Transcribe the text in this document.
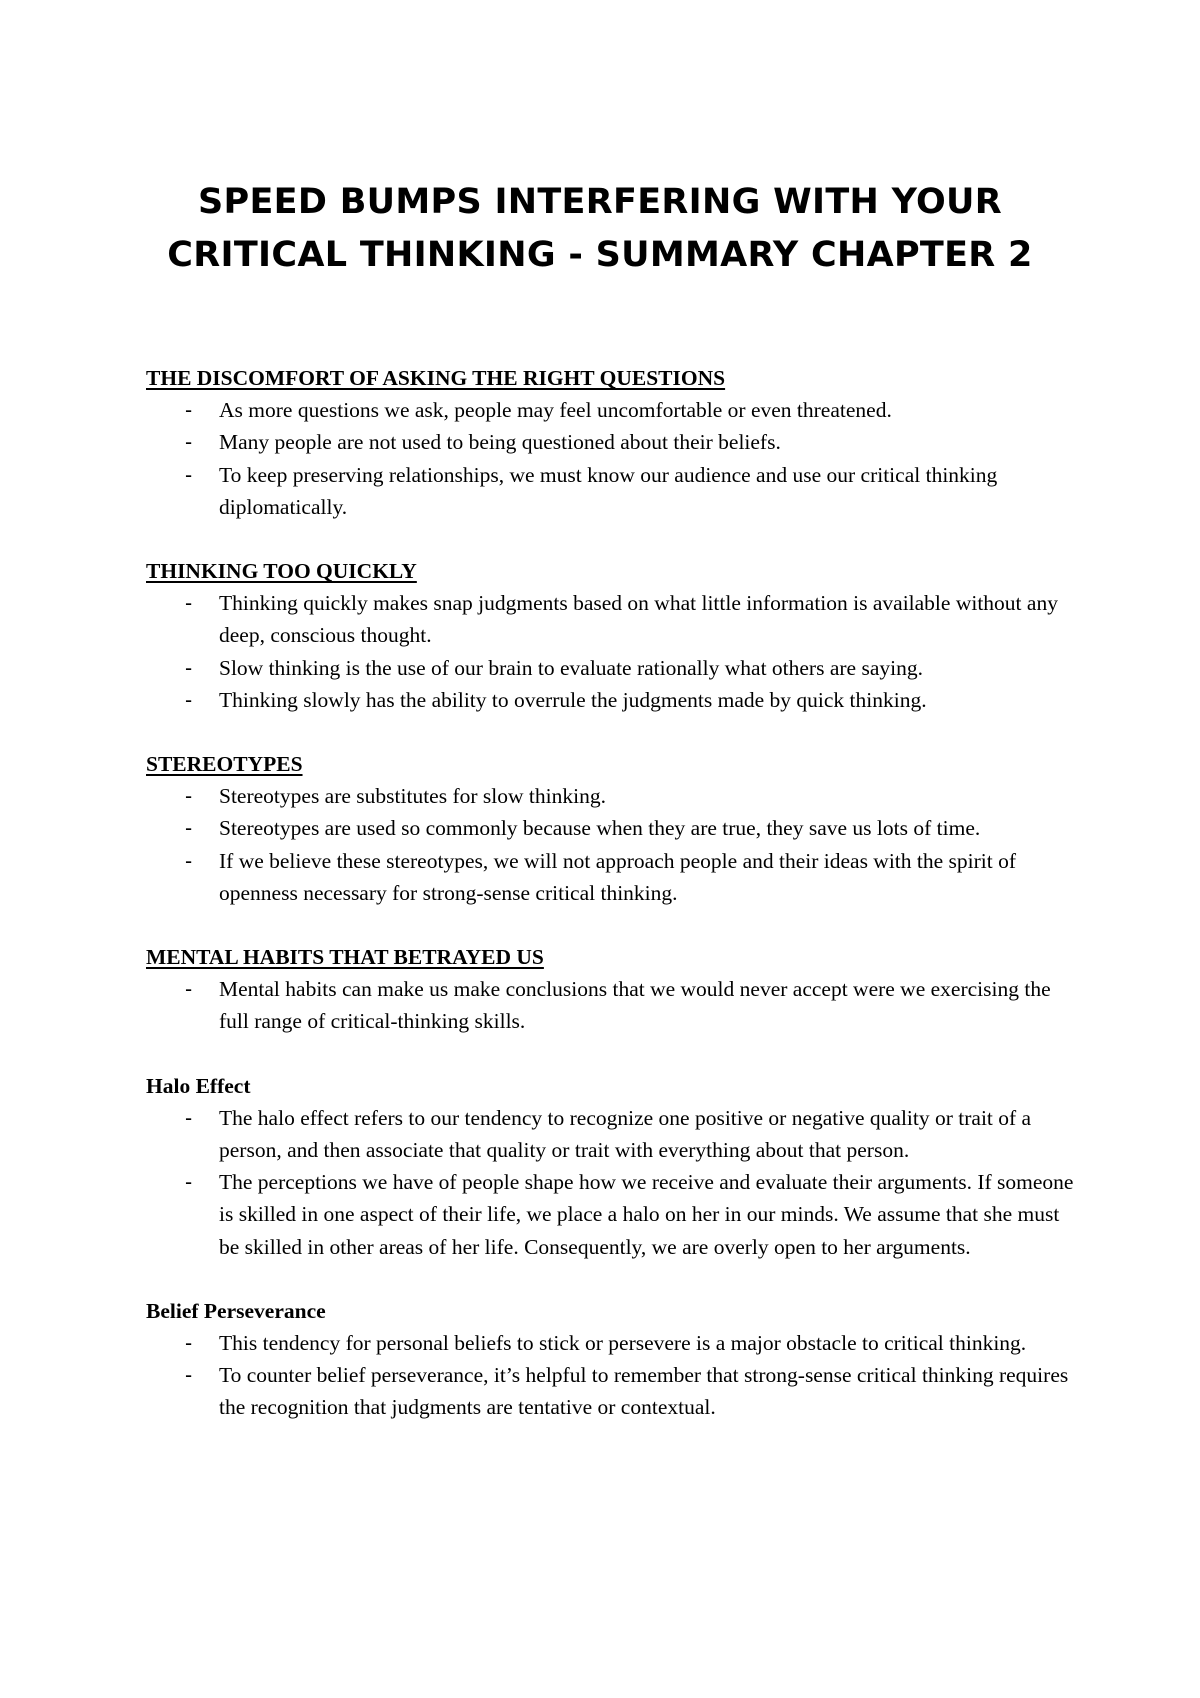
SPEED BUMPS INTERFERING WITH YOUR CRITICAL THINKING - SUMMARY CHAPTER 2
THE DISCOMFORT OF ASKING THE RIGHT QUESTIONS
- As more questions we ask, people may feel uncomfortable or even threatened.
- Many people are not used to being questioned about their beliefs.
- To keep preserving relationships, we must know our audience and use our critical thinking diplomatically.
THINKING TOO QUICKLY
- Thinking quickly makes snap judgments based on what little information is available without any deep, conscious thought.
- Slow thinking is the use of our brain to evaluate rationally what others are saying.
- Thinking slowly has the ability to overrule the judgments made by quick thinking.
STEREOTYPES
- Stereotypes are substitutes for slow thinking.
- Stereotypes are used so commonly because when they are true, they save us lots of time.
- If we believe these stereotypes, we will not approach people and their ideas with the spirit of openness necessary for strong-sense critical thinking.
MENTAL HABITS THAT BETRAYED US
- Mental habits can make us make conclusions that we would never accept were we exercising the full range of critical-thinking skills.
Halo Effect
- The halo effect refers to our tendency to recognize one positive or negative quality or trait of a person, and then associate that quality or trait with everything about that person.
- The perceptions we have of people shape how we receive and evaluate their arguments. If someone is skilled in one aspect of their life, we place a halo on her in our minds. We assume that she must be skilled in other areas of her life. Consequently, we are overly open to her arguments.
Belief Perseverance
- This tendency for personal beliefs to stick or persevere is a major obstacle to critical thinking.
- To counter belief perseverance, it’s helpful to remember that strong-sense critical thinking requires the recognition that judgments are tentative or contextual.
